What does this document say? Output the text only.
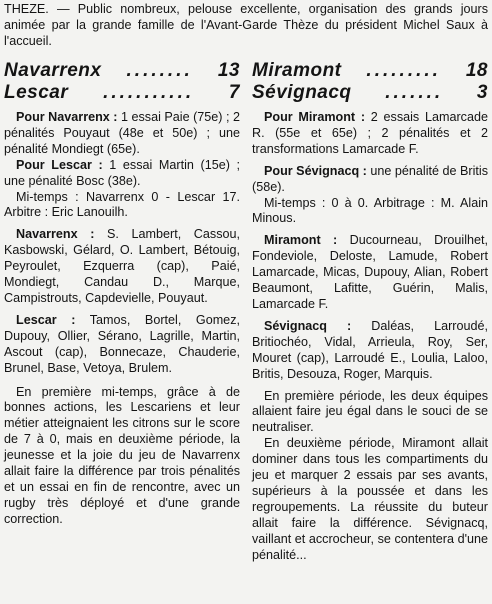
THEZE. — Public nombreux, pelouse excellente, organisation des grands jours animée par la grande famille de l'Avant-Garde Thèze du président Michel Saux à l'accueil.

Navarrenx	........	13
Lescar	...........	7

Pour Navarrenx : 1 essai Paie (75e) ; 2 pénalités Pouyaut (48e et 50e) ; une pénalité Mondiegt (65e).

Pour Lescar : 1 essai Martin (15e) ; une pénalité Bosc (38e).

Mi-temps : Navarrenx 0 - Lescar 17. Arbitre : Eric Lanouilh.

Navarrenx : S. Lambert, Cassou, Kasbowski, Gélard, O. Lambert, Bétouig, Peyroulet, Ezquerra (cap), Paié, Mondiegt, Candau D., Marque, Campistrouts, Capdevielle, Pouyaut.

Lescar : Tamos, Bortel, Gomez, Dupouy, Ollier, Sérano, Lagrille, Martin, Ascout (cap), Bonnecaze, Chauderie, Brunel, Base, Vetoya, Brulem.

En première mi-temps, grâce à de bonnes actions, les Lescariens et leur métier atteignaient les citrons sur le score de 7 à 0, mais en deuxième période, la jeunesse et la joie du jeu de Navarrenx allait faire la différence par trois pénalités et un essai en fin de rencontre, avec un rugby très déployé et d'une grande correction.

Miramont	.........	18
Sévignacq	.......	3

Pour Miramont : 2 essais Lamarcade R. (55e et 65e) ; 2 pénalités et 2 transformations Lamarcade F.

Pour Sévignacq : une pénalité de Britis (58e).

Mi-temps : 0 à 0. Arbitrage : M. Alain Minous.

Miramont : Ducourneau, Drouilhet, Fondeviole, Deloste, Lamude, Robert Lamarcade, Micas, Dupouy, Alian, Robert Beaumont, Lafitte, Guérin, Malis, Lamarcade F.

Sévignacq : Daléas, Larroudé, Britiochéo, Vidal, Arrieula, Roy, Ser, Mouret (cap), Larroudé E., Loulia, Laloo, Britis, Desouza, Roger, Marquis.

En première période, les deux équipes allaient faire jeu égal dans le souci de se neutraliser.

En deuxième période, Miramont allait dominer dans tous les compartiments du jeu et marquer 2 essais par ses avants, supérieurs à la poussée et dans les regroupements. La réussite du buteur allait faire la différence. Sévignacq, vaillant et accrocheur, se contentera d'une pénalité...
